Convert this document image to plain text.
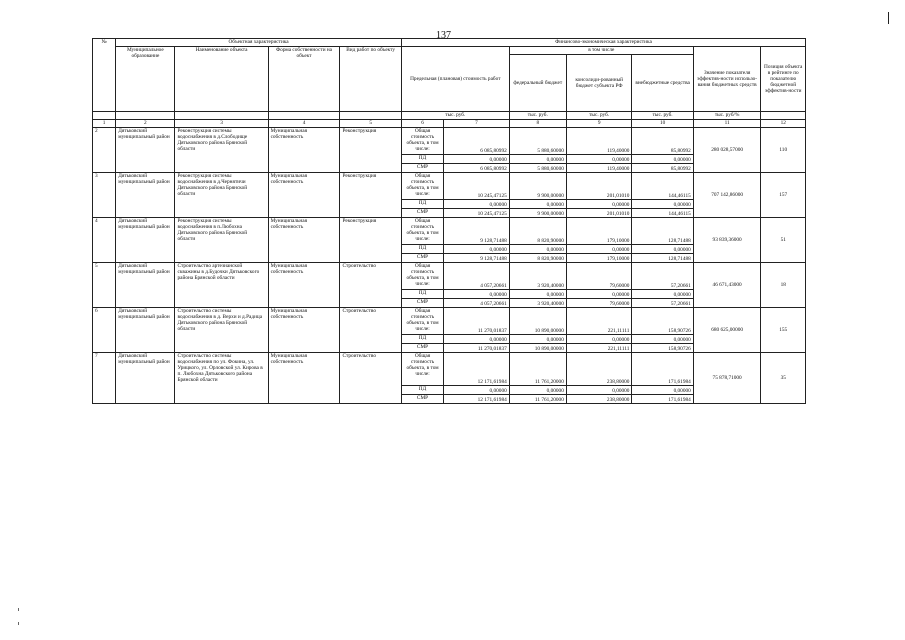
137
№	Объектная характеристика				Финансово-экономическая характеристика						
	Муниципальное образование	Наименование объекта	Форма собственности на объект	Вид работ по объекту	Предельная (плановая) стоимость работ		в том числе			Значение показателя эффектив-ности использо-вания бюджетных средств	Позиция объекта в рейтинге по показателю бюджетной эффектив-ности
							федеральный бюджет	консолиди-рованный бюджет субъекта РФ	внебюджетные средства		
					тыс. руб.		тыс. руб.	тыс. руб.	тыс. руб.	тыс. руб/%	
1	2	3	4	5	6	7	8	9	10	11	12
2	Дятьковский муниципальный район	Реконструкция системы водоснабжения в д.Слободище Дятьковского района Брянской области	Муниципальная собственность	Реконструкция	Общая стоимость объекта, в том числе:	6 085,80992	5 880,60000	119,40000	85,80992	280 028,57000	110
					ПД	0,00000	0,00000	0,00000	0,00000		
					СМР	6 085,80992	5 880,60000	119,40000	85,80992		
3	Дятьковский муниципальный район	Реконструкция системы водоснабжения в д.Чернятичи Дятьковского района Брянской области	Муниципальная собственность	Реконструкция	Общая стоимость объекта, в том числе:	10 245,47125	9 900,00000	201,01010	144,46115	707 142,86000	157
					ПД	0,00000	0,00000	0,00000	0,00000		
					СМР	10 245,47125	9 900,00000	201,01010	144,46115		
4	Дятьковский муниципальный район	Реконструкция системы водоснабжения в п.Любохна Дятьковского района Брянской области	Муниципальная собственность	Реконструкция	Общая стоимость объекта, в том числе:	9 128,71488	8 820,90000	179,10000	128,71488	93 839,36000	51
					ПД	0,00000	0,00000	0,00000	0,00000		
					СМР	9 128,71488	8 820,90000	179,10000	128,71488		
5	Дятьковский муниципальный район	Строительство артезианской скважины в д.Будочки Дятьковского района Брянской области	Муниципальная собственность	Строительство	Общая стоимость объекта, в том числе:	4 057,20661	3 920,40000	79,60000	57,20661	46 671,43000	18
					ПД	0,00000	0,00000	0,00000	0,00000		
					СМР	4 057,20661	3 920,40000	79,60000	57,20661		
6	Дятьковский муниципальный район	Строительство системы водоснабжения в д. Верхи и д.Радица Дятьковского района Брянской области	Муниципальная собственность	Строительство	Общая стоимость объекта, в том числе:	11 270,01837	10 890,00000	221,11111	158,90726	680 625,00000	155
					ПД	0,00000	0,00000	0,00000	0,00000		
					СМР	11 270,01837	10 890,00000	221,11111	158,90726		
7	Дятьковский муниципальный район	Строительство системы водоснабжения по ул. Фокина, ул. Урицкого, ул. Орловской ул. Кирова в п. Любохна Дятьковского района Брянской области	Муниципальная собственность	Строительство	Общая стоимость объекта, в том числе:	12 171,61984	11 761,20000	238,80000	171,61984	75 878,71000	35
					ПД	0,00000	0,00000	0,00000	0,00000		
					СМР	12 171,61984	11 761,20000	238,80000	171,61984		
